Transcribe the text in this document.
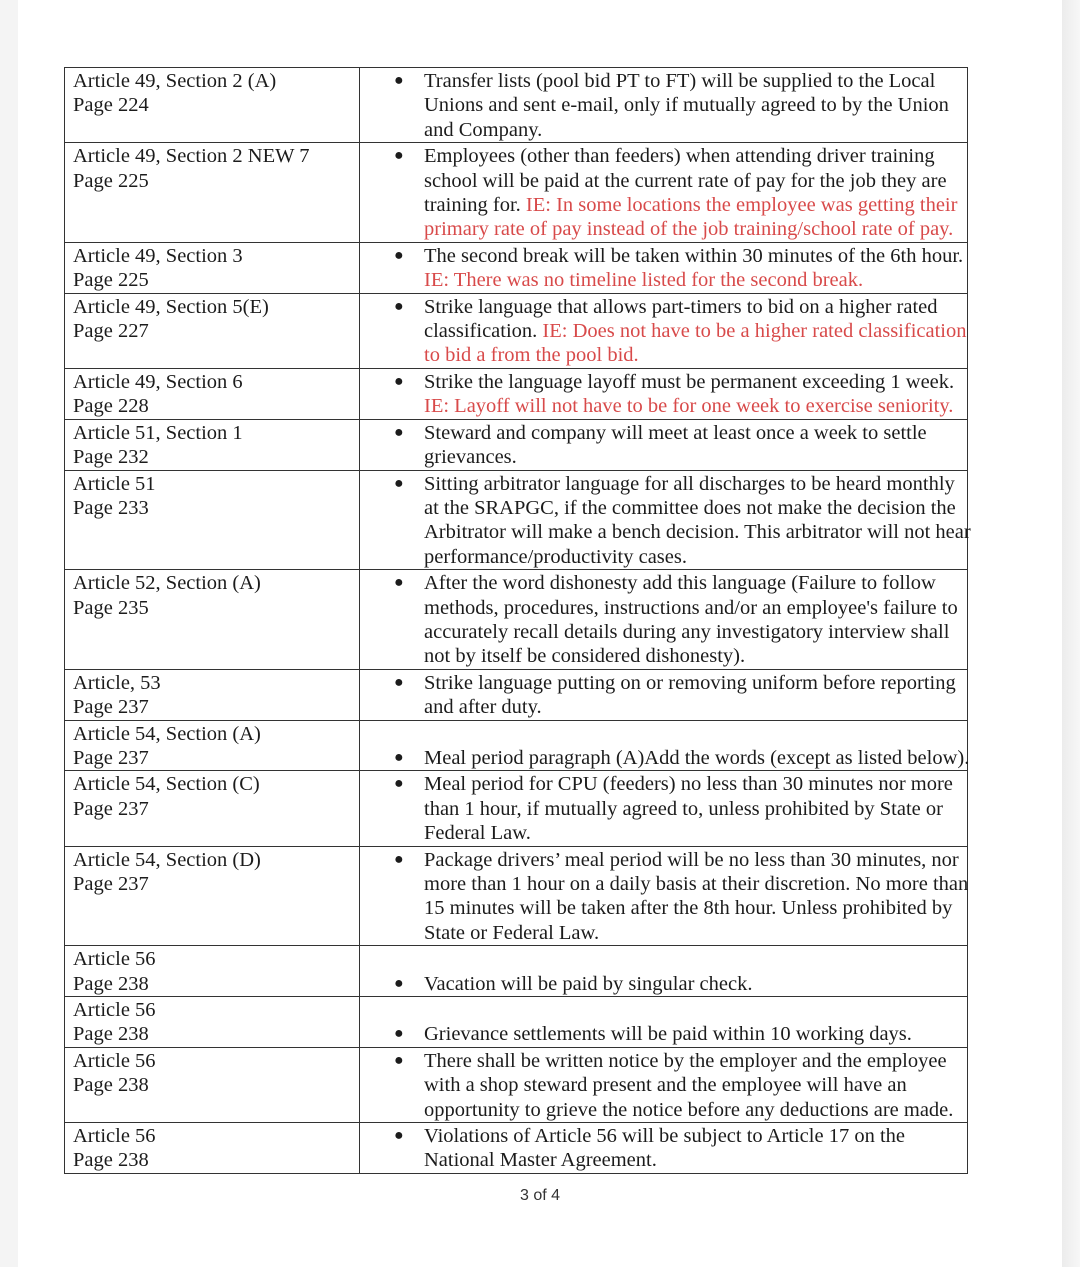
Article 49, Section 2 (A)
Page 224	● Transfer lists (pool bid PT to FT) will be supplied to the Local
Unions and sent e-mail, only if mutually agreed to by the Union
and Company.

Article 49, Section 2 NEW 7
Page 225	● Employees (other than feeders) when attending driver training
school will be paid at the current rate of pay for the job they are
training for. IE: In some locations the employee was getting their
primary rate of pay instead of the job training/school rate of pay.

Article 49, Section 3
Page 225	● The second break will be taken within 30 minutes of the 6th hour.
IE: There was no timeline listed for the second break.

Article 49, Section 5(E)
Page 227	● Strike language that allows part-timers to bid on a higher rated
classification. IE: Does not have to be a higher rated classification
to bid a from the pool bid.

Article 49, Section 6
Page 228	● Strike the language layoff must be permanent exceeding 1 week.
IE: Layoff will not have to be for one week to exercise seniority.

Article 51, Section 1
Page 232	● Steward and company will meet at least once a week to settle
grievances.

Article 51
Page 233	● Sitting arbitrator language for all discharges to be heard monthly
at the SRAPGC, if the committee does not make the decision the
Arbitrator will make a bench decision. This arbitrator will not hear
performance/productivity cases.

Article 52, Section (A)
Page 235	● After the word dishonesty add this language (Failure to follow
methods, procedures, instructions and/or an employee's failure to
accurately recall details during any investigatory interview shall
not by itself be considered dishonesty).

Article, 53
Page 237	● Strike language putting on or removing uniform before reporting
and after duty.

Article 54, Section (A)
Page 237	● Meal period paragraph (A)Add the words (except as listed below).

Article 54, Section (C)
Page 237	● Meal period for CPU (feeders) no less than 30 minutes nor more
than 1 hour, if mutually agreed to, unless prohibited by State or
Federal Law.

Article 54, Section (D)
Page 237	● Package drivers’ meal period will be no less than 30 minutes, nor
more than 1 hour on a daily basis at their discretion. No more than
15 minutes will be taken after the 8th hour. Unless prohibited by
State or Federal Law.

Article 56
Page 238	● Vacation will be paid by singular check.

Article 56
Page 238	● Grievance settlements will be paid within 10 working days.

Article 56
Page 238	● There shall be written notice by the employer and the employee
with a shop steward present and the employee will have an
opportunity to grieve the notice before any deductions are made.

Article 56
Page 238	● Violations of Article 56 will be subject to Article 17 on the
National Master Agreement.
3 of 4
